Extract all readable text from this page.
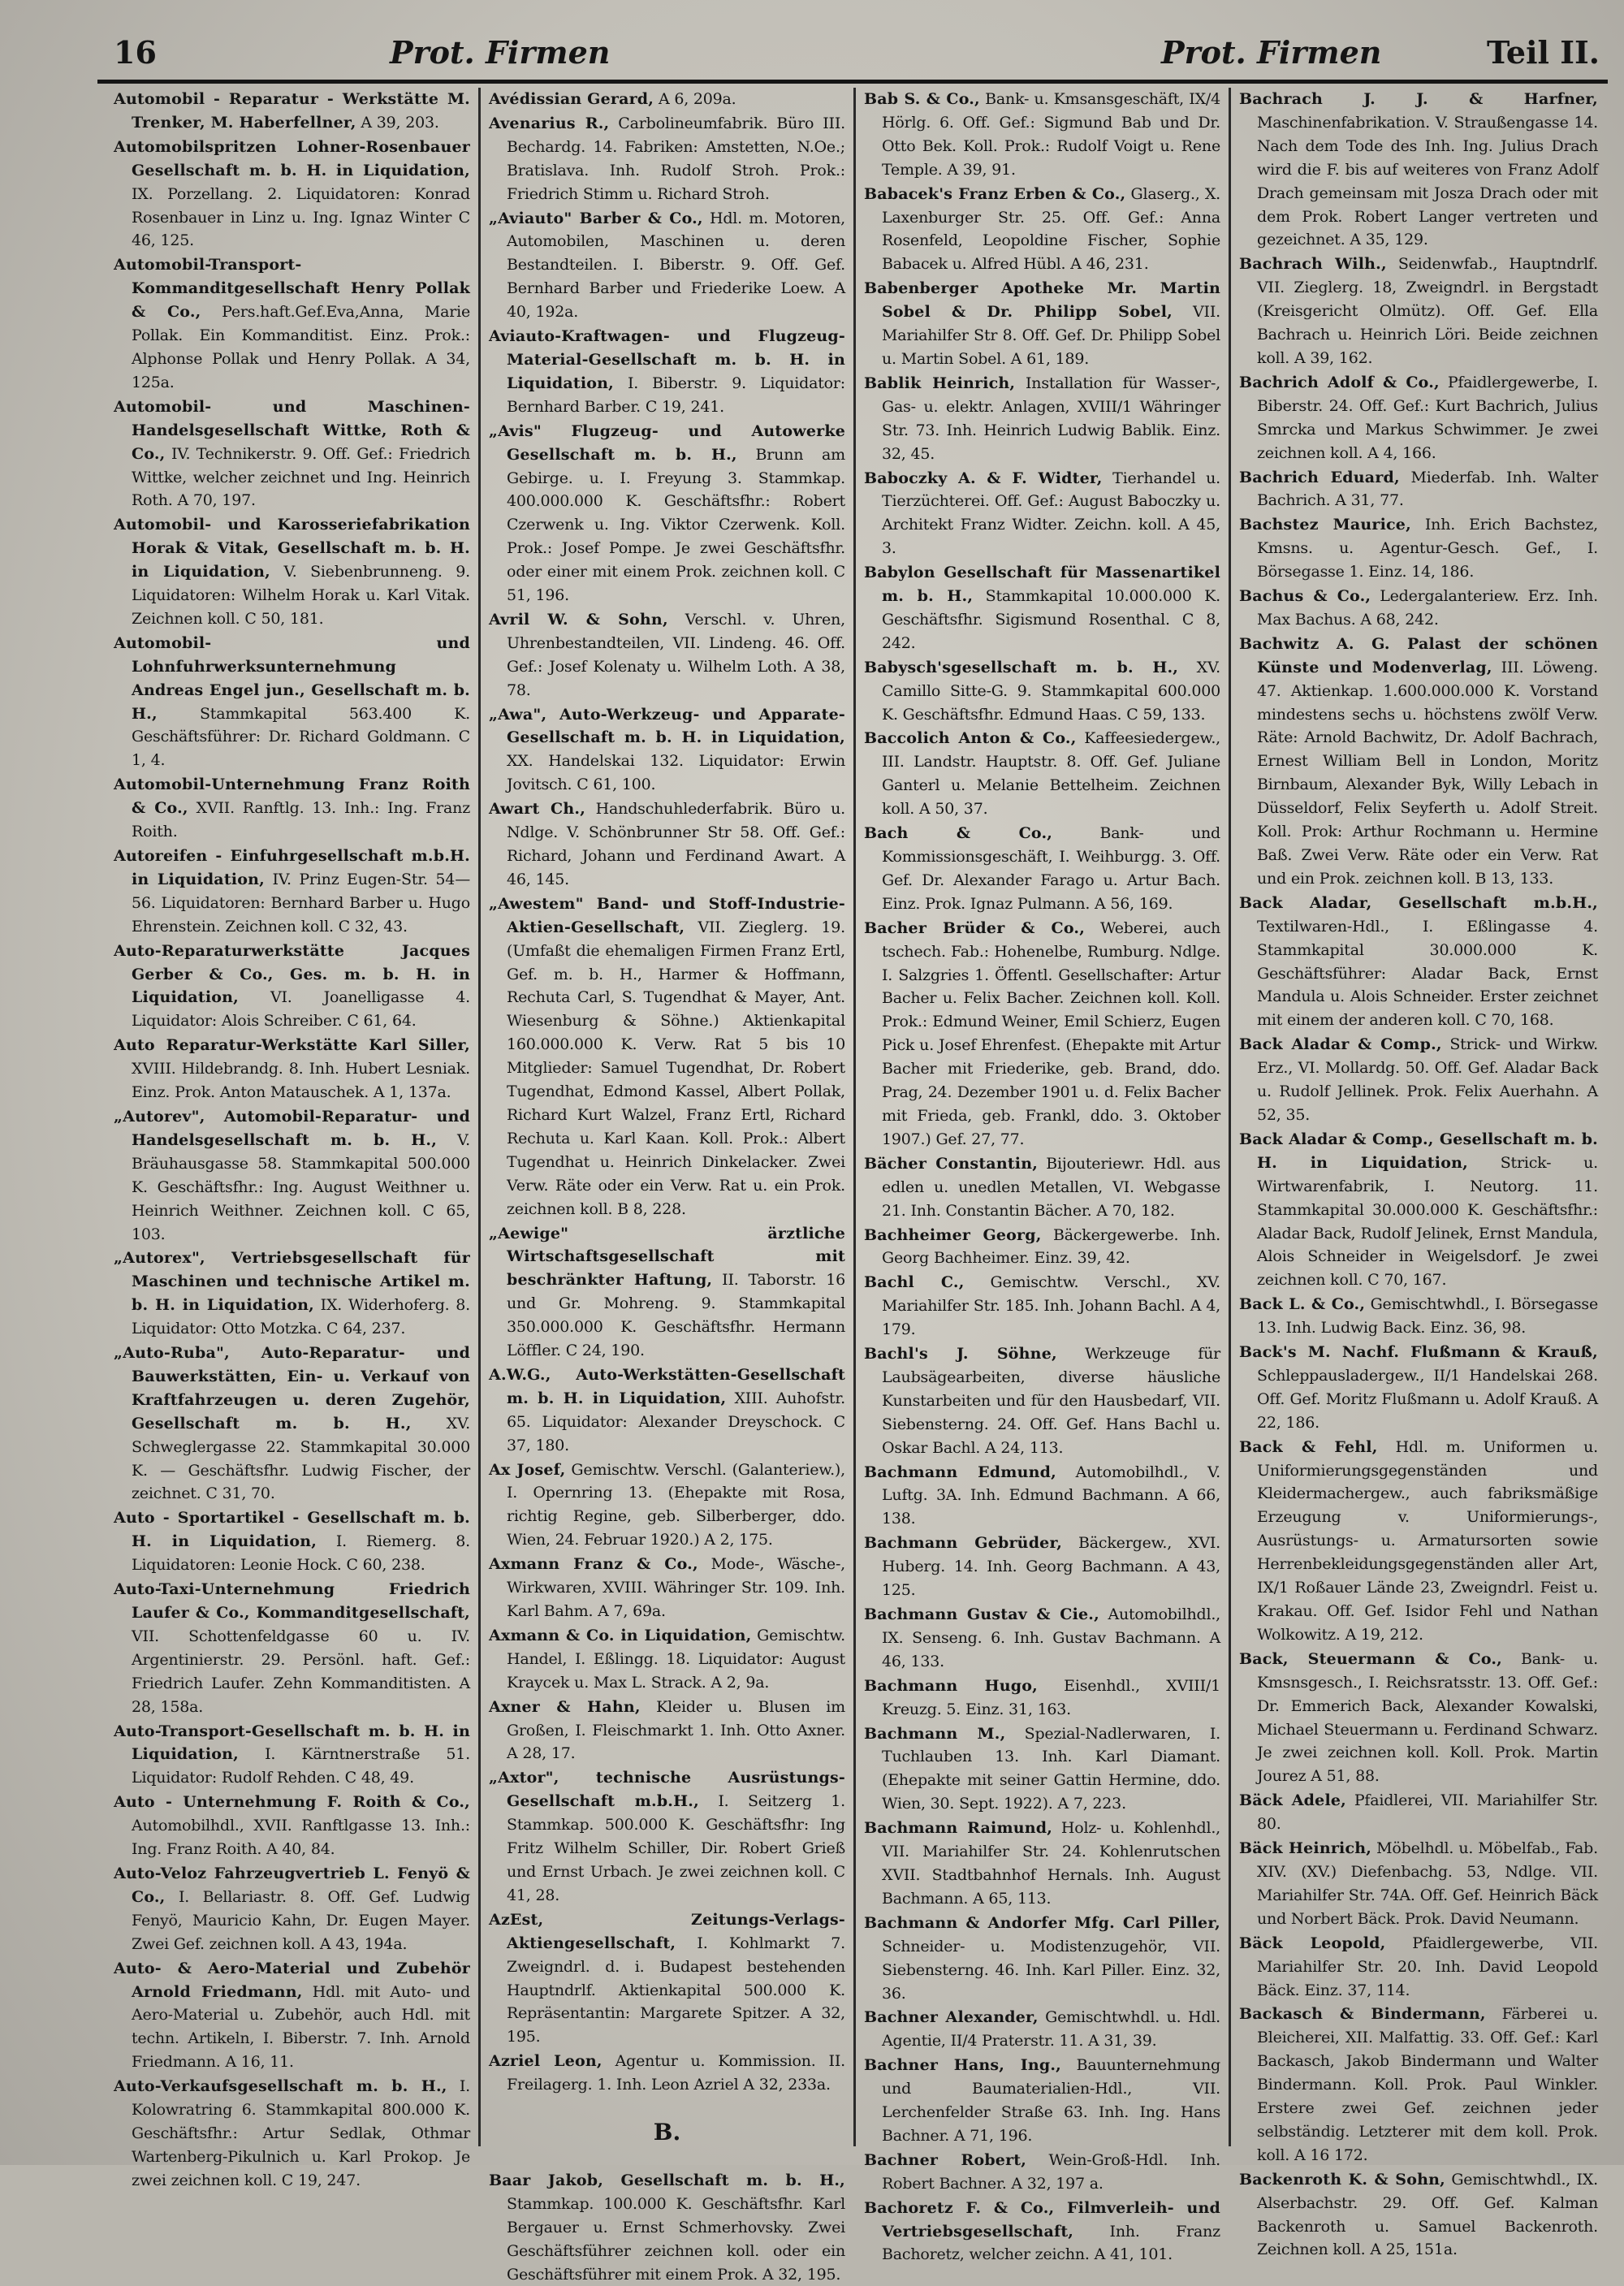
16	Prot. Firmen	Prot. Firmen	Teil II.
Automobil - Reparatur - Werkstätte M. Trenker, M. Haberfellner, A 39, 203.
Automobilspritzen Lohner-Rosenbauer Gesellschaft m. b. H. in Liquidation, IX. Porzellang. 2. Liquidatoren: Konrad Rosenbauer in Linz u. Ing. Ignaz Winter C 46, 125.
Automobil-Transport-Kommanditgesellschaft Henry Pollak & Co., Pers.haft.Gef.Eva,Anna, Marie Pollak. Ein Kommanditist. Einz. Prok.: Alphonse Pollak und Henry Pollak. A 34, 125a.
Automobil- und Maschinen-Handelsgesellschaft Wittke, Roth & Co., IV. Technikerstr. 9. Off. Gef.: Friedrich Wittke, welcher zeichnet und Ing. Heinrich Roth. A 70, 197.
Automobil- und Karosseriefabrikation Horak & Vitak, Gesellschaft m. b. H. in Liquidation, V. Siebenbrunneng. 9. Liquidatoren: Wilhelm Horak u. Karl Vitak. Zeichnen koll. C 50, 181.
Automobil- und Lohnfuhrwerksunternehmung Andreas Engel jun., Gesellschaft m. b. H.,	Stammkapital 563.400 K. Geschäftsführer: Dr. Richard Goldmann. C 1, 4.
Automobil-Unternehmung Franz Roith & Co., XVII. Ranftlg. 13. Inh.: Ing. Franz Roith.
Autoreifen - Einfuhrgesellschaft m.b.H. in Liquidation, IV. Prinz Eugen-Str. 54—56. Liquidatoren: Bernhard Barber u. Hugo Ehrenstein. Zeichnen koll. C 32, 43.
Auto-Reparaturwerkstätte Jacques Gerber & Co., Ges. m. b. H. in Liquidation, VI. Joanelligasse 4. Liquidator: Alois Schreiber. C 61, 64.
Auto Reparatur-Werkstätte Karl Siller, XVIII. Hildebrandg. 8. Inh. Hubert Lesniak. Einz. Prok. Anton Matauschek. A 1, 137a.
„Autorev", Automobil-Reparatur- und Handelsgesellschaft m. b. H., V. Bräuhausgasse 58. Stammkapital 500.000 K. Geschäftsfhr.: Ing. August Weithner u. Heinrich Weithner. Zeichnen koll. C 65, 103.
„Autorex", Vertriebsgesellschaft für Maschinen und technische Artikel m. b. H. in Liquidation, IX. Widerhoferg. 8. Liquidator: Otto Motzka. C 64, 237.
„Auto-Ruba", Auto-Reparatur- und Bauwerkstätten, Ein- u. Verkauf von Kraftfahrzeugen u. deren Zugehör, Gesellschaft m. b. H., XV. Schweglergasse 22. Stammkapital 30.000 K. — Geschäftsfhr. Ludwig Fischer, der zeichnet. C 31, 70.
Auto - Sportartikel - Gesellschaft m. b. H. in Liquidation, I. Riemerg. 8. Liquidatoren: Leonie Hock. C 60, 238.
Auto-Taxi-Unternehmung Friedrich Laufer & Co., Kommanditgesellschaft, VII. Schottenfeldgasse 60 u. IV. Argentinierstr. 29. Persönl. haft. Gef.: Friedrich Laufer. Zehn Kommanditisten. A 28, 158a.
Auto-Transport-Gesellschaft m. b. H. in Liquidation, I. Kärntnerstraße 51. Liquidator: Rudolf Rehden. C 48, 49.
Auto - Unternehmung F. Roith & Co., Automobilhdl., XVII. Ranftlgasse 13. Inh.: Ing. Franz Roith. A 40, 84.
Auto-Veloz Fahrzeugvertrieb L. Fenyö & Co., I. Bellariastr. 8. Off. Gef. Ludwig Fenyö, Mauricio Kahn, Dr. Eugen Mayer. Zwei Gef. zeichnen koll. A 43, 194a.
Auto- & Aero-Material und Zubehör Arnold Friedmann, Hdl. mit Auto- und Aero-Material u. Zubehör, auch Hdl. mit techn. Artikeln, I. Biberstr. 7. Inh. Arnold Friedmann. A 16, 11.
Auto-Verkaufsgesellschaft m. b. H., I. Kolowratring 6. Stammkapital 800.000 K. Geschäftsfhr.: Artur Sedlak, Othmar Wartenberg-Pikulnich u. Karl Prokop. Je zwei zeichnen koll. C 19, 247.
Avédissian Gerard, A 6, 209a.
Avenarius R., Carbolineumfabrik. Büro III. Bechardg. 14. Fabriken: Amstetten, N.Oe.; Bratislava. Inh. Rudolf Stroh. Prok.: Friedrich Stimm u. Richard Stroh.
„Aviauto" Barber & Co., Hdl. m. Motoren, Automobilen, Maschinen u. deren Bestandteilen. I. Biberstr. 9. Off. Gef. Bernhard Barber und Friederike Loew. A 40, 192a.
Aviauto-Kraftwagen- und Flugzeug-Material-Gesellschaft m. b. H. in Liquidation, I. Biberstr. 9. Liquidator: Bernhard Barber. C 19, 241.
„Avis" Flugzeug- und Autowerke Gesellschaft m. b. H., Brunn am Gebirge. u. I. Freyung 3. Stammkap. 400.000.000 K. Geschäftsfhr.: Robert Czerwenk u. Ing. Viktor Czerwenk. Koll. Prok.: Josef Pompe. Je zwei Geschäftsfhr. oder einer mit einem Prok. zeichnen koll. C 51, 196.
Avril W. & Sohn, Verschl. v. Uhren, Uhrenbestandteilen, VII. Lindeng. 46. Off. Gef.: Josef Kolenaty u. Wilhelm Loth. A 38, 78.
„Awa", Auto-Werkzeug- und Apparate-Gesellschaft m. b. H. in Liquidation, XX. Handelskai 132. Liquidator: Erwin Jovitsch. C 61, 100.
Awart Ch., Handschuhlederfabrik. Büro u. Ndlge. V. Schönbrunner Str 58. Off. Gef.: Richard, Johann und Ferdinand Awart. A 46, 145.
„Awestem" Band- und Stoff-Industrie-Aktien-Gesellschaft, VII. Zieglerg. 19. (Umfaßt die ehemaligen Firmen Franz Ertl, Gef. m. b. H., Harmer & Hoffmann, Rechuta Carl, S. Tugendhat & Mayer, Ant. Wiesenburg & Söhne.) Aktienkapital 160.000.000 K. Verw. Rat 5 bis 10 Mitglieder: Samuel Tugendhat, Dr. Robert Tugendhat, Edmond Kassel, Albert Pollak, Richard Kurt Walzel, Franz Ertl, Richard Rechuta u. Karl Kaan. Koll. Prok.: Albert Tugendhat u. Heinrich Dinkelacker. Zwei Verw. Räte oder ein Verw. Rat u. ein Prok. zeichnen koll. B 8, 228.
„Aewige" ärztliche Wirtschaftsgesellschaft mit beschränkter Haftung, II. Taborstr. 16 und Gr. Mohreng. 9. Stammkapital 350.000.000 K. Geschäftsfhr. Hermann Löffler. C 24, 190.
A.W.G., Auto-Werkstätten-Gesellschaft m. b. H. in Liquidation, XIII. Auhofstr. 65. Liquidator: Alexander Dreyschock. C 37, 180.
Ax Josef, Gemischtw. Verschl. (Galanteriew.), I. Opernring 13. (Ehepakte mit Rosa, richtig Regine, geb. Silberberger, ddo. Wien, 24. Februar 1920.) A 2, 175.
Axmann Franz & Co., Mode-, Wäsche-, Wirkwaren, XVIII. Währinger Str. 109. Inh. Karl Bahm. A 7, 69a.
Axmann & Co. in Liquidation, Gemischtw. Handel, I. Eßlingg. 18. Liquidator: August Kraycek u. Max L. Strack. A 2, 9a.
Axner & Hahn, Kleider u. Blusen im Großen, I. Fleischmarkt 1. Inh. Otto Axner. A 28, 17.
„Axtor", technische Ausrüstungs-Gesellschaft m.b.H., I. Seitzerg 1. Stammkap. 500.000 K. Geschäftsfhr: Ing Fritz Wilhelm Schiller, Dir. Robert Grieß und Ernst Urbach. Je zwei zeichnen koll. C 41, 28.
AzEst, Zeitungs-Verlags-Aktiengesellschaft, I. Kohlmarkt 7. Zweigndrl. d. i. Budapest bestehenden Hauptndrlf. Aktienkapital 500.000 K. Repräsentantin: Margarete Spitzer. A 32, 195.
Azriel Leon, Agentur u. Kommission. II. Freilagerg. 1. Inh. Leon Azriel A 32, 233a.
B.
Baar Jakob, Gesellschaft m. b. H., Stammkap. 100.000 K. Geschäftsfhr. Karl Bergauer u. Ernst Schmerhovsky. Zwei Geschäftsführer zeichnen koll. oder ein Geschäftsführer mit einem Prok. A 32, 195.
Bab S. & Co., Bank- u. Kmsansgeschäft, IX/4 Hörlg. 6. Off. Gef.: Sigmund Bab und Dr. Otto Bek. Koll. Prok.: Rudolf Voigt u. Rene Temple. A 39, 91.
Babacek's Franz Erben & Co., Glaserg., X. Laxenburger Str. 25. Off. Gef.: Anna Rosenfeld, Leopoldine Fischer, Sophie Babacek u. Alfred Hübl. A 46, 231.
Babenberger Apotheke Mr. Martin Sobel & Dr. Philipp Sobel, VII. Mariahilfer Str 8. Off. Gef. Dr. Philipp Sobel u. Martin Sobel. A 61, 189.
Bablik Heinrich, Installation für Wasser-, Gas- u. elektr. Anlagen, XVIII/1 Währinger Str. 73. Inh. Heinrich Ludwig Bablik. Einz. 32, 45.
Baboczky A. & F. Widter, Tierhandel u. Tierzüchterei. Off. Gef.: August Baboczky u. Architekt Franz Widter. Zeichn. koll. A 45, 3.
Babylon Gesellschaft für Massenartikel m. b. H., Stammkapital 10.000.000 K. Geschäftsfhr. Sigismund Rosenthal. C 8, 242.
Babysch'sgesellschaft m. b. H., XV. Camillo Sitte-G. 9. Stammkapital 600.000 K. Geschäftsfhr. Edmund Haas. C 59, 133.
Baccolich Anton & Co., Kaffeesiedergew., III. Landstr. Hauptstr. 8. Off. Gef. Juliane Ganterl u. Melanie Bettelheim. Zeichnen koll. A 50, 37.
Bach & Co.,	Bank- und Kommissionsgeschäft, I. Weihburgg. 3. Off. Gef. Dr. Alexander Farago u. Artur Bach. Einz. Prok. Ignaz Pulmann. A 56, 169.
Bacher Brüder & Co., Weberei, auch tschech. Fab.: Hohenelbe, Rumburg. Ndlge. I. Salzgries 1. Öffentl. Gesellschafter: Artur Bacher u. Felix Bacher. Zeichnen koll. Koll. Prok.: Edmund Weiner, Emil Schierz, Eugen Pick u. Josef Ehrenfest. (Ehepakte mit Artur Bacher mit Friederike, geb. Brand, ddo. Prag, 24. Dezember 1901 u. d. Felix Bacher mit Frieda, geb. Frankl, ddo. 3. Oktober 1907.) Gef. 27, 77.
Bächer Constantin, Bijouteriewr. Hdl. aus edlen u. unedlen Metallen, VI. Webgasse 21. Inh. Constantin Bächer. A 70, 182.
Bachheimer Georg, Bäckergewerbe. Inh. Georg Bachheimer. Einz. 39, 42.
Bachl C., Gemischtw. Verschl., XV. Mariahilfer Str. 185. Inh. Johann Bachl. A 4, 179.
Bachl's J. Söhne, Werkzeuge für Laubsägearbeiten, diverse häusliche Kunstarbeiten und für den Hausbedarf, VII. Siebensterng. 24. Off. Gef. Hans Bachl u. Oskar Bachl. A 24, 113.
Bachmann Edmund, Automobilhdl., V. Luftg. 3A. Inh. Edmund Bachmann. A 66, 138.
Bachmann Gebrüder, Bäckergew., XVI. Huberg. 14. Inh. Georg Bachmann. A 43, 125.
Bachmann Gustav & Cie., Automobilhdl., IX. Senseng. 6. Inh. Gustav Bachmann. A 46, 133.
Bachmann Hugo, Eisenhdl., XVIII/1 Kreuzg. 5. Einz. 31, 163.
Bachmann M., Spezial-Nadlerwaren, I. Tuchlauben 13. Inh. Karl Diamant. (Ehepakte mit seiner Gattin Hermine, ddo. Wien, 30. Sept. 1922). A 7, 223.
Bachmann Raimund, Holz- u. Kohlenhdl., VII. Mariahilfer Str. 24. Kohlenrutschen XVII. Stadtbahnhof Hernals. Inh. August Bachmann. A 65, 113.
Bachmann & Andorfer Mfg. Carl Piller, Schneider- u. Modistenzugehör, VII. Siebensterng. 46. Inh. Karl Piller. Einz. 32, 36.
Bachner Alexander, Gemischtwhdl. u. Hdl. Agentie, II/4 Praterstr. 11. A 31, 39.
Bachner Hans, Ing., Bauunternehmung und Baumaterialien-Hdl., VII. Lerchenfelder Straße 63. Inh. Ing. Hans Bachner. A 71, 196.
Bachner Robert, Wein-Groß-Hdl. Inh. Robert Bachner. A 32, 197 a.
Bachoretz F. & Co., Filmverleih- und Vertriebsgesellschaft, Inh. Franz Bachoretz, welcher zeichn. A 41, 101.
Bachrach J. J. & Harfner, Maschinenfabrikation. V. Straußengasse 14. Nach dem Tode des Inh. Ing. Julius Drach wird die F. bis auf weiteres von Franz Adolf Drach gemeinsam mit Josza Drach oder mit dem Prok. Robert Langer vertreten und gezeichnet. A 35, 129.
Bachrach Wilh., Seidenwfab., Hauptndrlf. VII. Zieglerg. 18, Zweigndrl. in Bergstadt (Kreisgericht Olmütz). Off. Gef. Ella Bachrach u. Heinrich Löri. Beide zeichnen koll. A 39, 162.
Bachrich Adolf & Co., Pfaidlergewerbe, I. Biberstr. 24. Off. Gef.: Kurt Bachrich, Julius Smrcka und Markus Schwimmer. Je zwei zeichnen koll. A 4, 166.
Bachrich Eduard, Miederfab. Inh. Walter Bachrich. A 31, 77.
Bachstez Maurice, Inh. Erich Bachstez, Kmsns. u. Agentur-Gesch. Gef., I. Börsegasse 1. Einz. 14, 186.
Bachus & Co., Ledergalanteriew. Erz. Inh. Max Bachus. A 68, 242.
Bachwitz A. G. Palast der schönen Künste und Modenverlag, III. Löweng. 47. Aktienkap. 1.600.000.000 K. Vorstand mindestens sechs u. höchstens zwölf Verw. Räte: Arnold Bachwitz, Dr. Adolf Bachrach, Ernest William Bell in London, Moritz Birnbaum, Alexander Byk, Willy Lebach in Düsseldorf, Felix Seyferth u. Adolf Streit. Koll. Prok: Arthur Rochmann u. Hermine Baß. Zwei Verw. Räte oder ein Verw. Rat und ein Prok. zeichnen koll. B 13, 133.
Back Aladar, Gesellschaft m.b.H., Textilwaren-Hdl., I. Eßlingasse 4. Stammkapital 30.000.000 K. Geschäftsführer: Aladar Back, Ernst Mandula u. Alois Schneider. Erster zeichnet mit einem der anderen koll. C 70, 168.
Back Aladar & Comp., Strick- und Wirkw. Erz., VI. Mollardg. 50. Off. Gef. Aladar Back u. Rudolf Jellinek. Prok. Felix Auerhahn. A 52, 35.
Back Aladar & Comp., Gesellschaft m. b. H. in Liquidation, Strick- u. Wirtwarenfabrik, I. Neutorg. 11. Stammkapital 30.000.000 K. Geschäftsfhr.: Aladar Back, Rudolf Jelinek, Ernst Mandula, Alois Schneider in Weigelsdorf. Je zwei zeichnen koll. C 70, 167.
Back L. & Co., Gemischtwhdl., I. Börsegasse 13. Inh. Ludwig Back. Einz. 36, 98.
Back's M. Nachf. Flußmann & Krauß, Schleppausladergew., II/1 Handelskai 268. Off. Gef. Moritz Flußmann u. Adolf Krauß. A 22, 186.
Back & Fehl, Hdl. m. Uniformen u. Uniformierungsgegenständen und Kleidermachergew., auch fabriksmäßige Erzeugung v. Uniformierungs-, Ausrüstungs- u. Armatursorten sowie Herrenbekleidungsgegenständen aller Art, IX/1 Roßauer Lände 23, Zweigndrl. Feist u. Krakau. Off. Gef. Isidor Fehl und Nathan Wolkowitz. A 19, 212.
Back, Steuermann & Co., Bank- u. Kmsnsgesch., I. Reichsratsstr. 13. Off. Gef.: Dr. Emmerich Back, Alexander Kowalski, Michael Steuermann u. Ferdinand Schwarz. Je zwei zeichnen koll. Koll. Prok. Martin Jourez A 51, 88.
Bäck Adele, Pfaidlerei, VII. Mariahilfer Str. 80.
Bäck Heinrich, Möbelhdl. u. Möbelfab., Fab. XIV. (XV.) Diefenbachg. 53, Ndlge. VII. Mariahilfer Str. 74A. Off. Gef. Heinrich Bäck und Norbert Bäck. Prok. David Neumann.
Bäck Leopold, Pfaidlergewerbe, VII. Mariahilfer Str. 20. Inh. David Leopold Bäck. Einz. 37, 114.
Backasch & Bindermann, Färberei u. Bleicherei, XII. Malfattig. 33. Off. Gef.: Karl Backasch, Jakob Bindermann und Walter Bindermann. Koll. Prok. Paul Winkler. Erstere zwei Gef. zeichnen jeder selbständig. Letzterer mit dem koll. Prok. koll. A 16 172.
Backenroth K. & Sohn, Gemischtwhdl., IX. Alserbachstr. 29. Off. Gef. Kalman Backenroth u. Samuel Backenroth. Zeichnen koll. A 25, 151a.
